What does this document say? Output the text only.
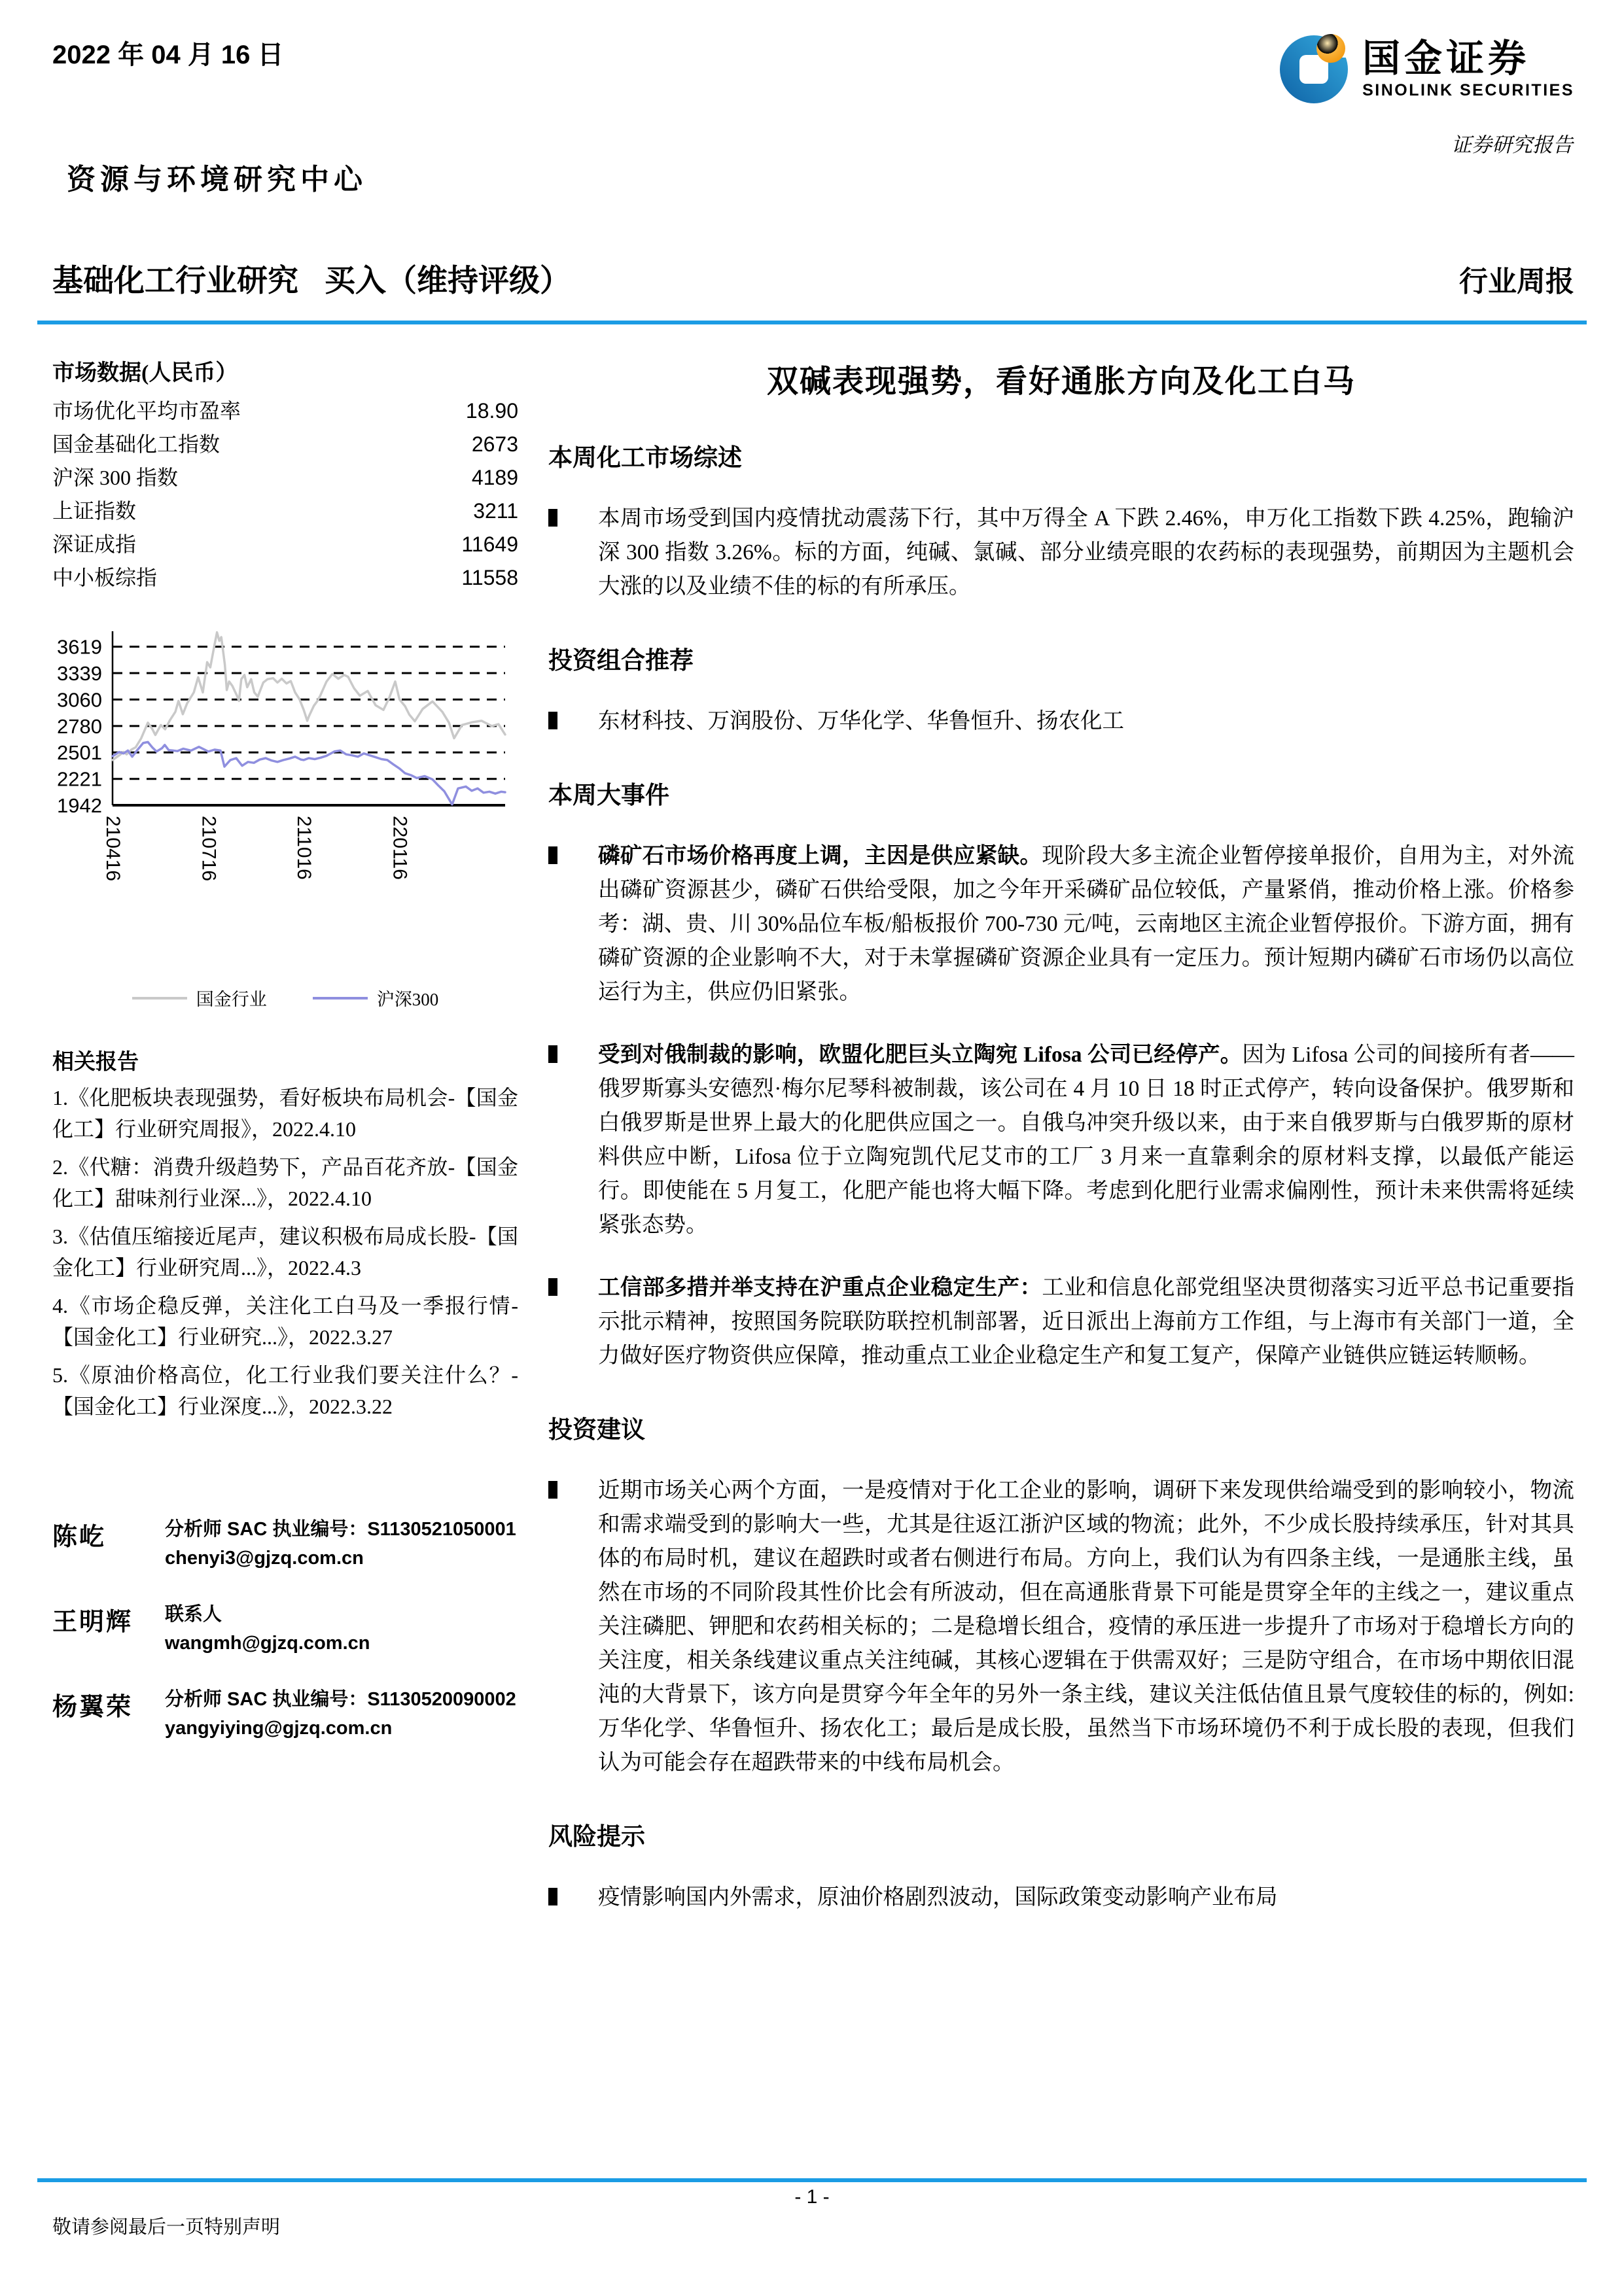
2022 年 04 月 16 日	国金证券
SINOLINK SECURITIES
证券研究报告
资源与环境研究中心
基础化工行业研究 买入（维持评级）	行业周报
市场数据(人民币）
市场优化平均市盈率	18.90
国金基础化工指数	2673
沪深 300 指数	4189
上证指数	3211
深证成指	11649
中小板综指	11558
3619
3339
3060
2780
2501
2221
1942
210416	210716	211016	220116
国金行业	沪深300
相关报告
1.《化肥板块表现强势，看好板块布局机会-【国金化工】行业研究周报》，2022.4.10
2.《代糖：消费升级趋势下，产品百花齐放-【国金化工】甜味剂行业深...》，2022.4.10
3.《估值压缩接近尾声，建议积极布局成长股-【国金化工】行业研究周...》，2022.4.3
4.《市场企稳反弹，关注化工白马及一季报行情-【国金化工】行业研究...》，2022.3.27
5.《原油价格高位，化工行业我们要关注什么？-【国金化工】行业深度...》，2022.3.22
陈屹	分析师 SAC 执业编号：S1130521050001
chenyi3@gjzq.com.cn
王明辉	联系人
wangmh@gjzq.com.cn
杨翼荣	分析师 SAC 执业编号：S1130520090002
yangyiying@gjzq.com.cn
双碱表现强势，看好通胀方向及化工白马
本周化工市场综述

本周市场受到国内疫情扰动震荡下行，其中万得全 A 下跌 2.46%，申万化工指数下跌 4.25%，跑输沪深 300 指数 3.26%。标的方面，纯碱、氯碱、部分业绩亮眼的农药标的表现强势，前期因为主题机会大涨的以及业绩不佳的标的有所承压。

投资组合推荐

东材科技、万润股份、万华化学、华鲁恒升、扬农化工

本周大事件

磷矿石市场价格再度上调，主因是供应紧缺。现阶段大多主流企业暂停接单报价，自用为主，对外流出磷矿资源甚少，磷矿石供给受限，加之今年开采磷矿品位较低，产量紧俏，推动价格上涨。价格参考：湖、贵、川 30%品位车板/船板报价 700-730 元/吨，云南地区主流企业暂停报价。下游方面，拥有磷矿资源的企业影响不大，对于未掌握磷矿资源企业具有一定压力。预计短期内磷矿石市场仍以高位运行为主，供应仍旧紧张。

受到对俄制裁的影响，欧盟化肥巨头立陶宛 Lifosa 公司已经停产。因为 Lifosa 公司的间接所有者——俄罗斯寡头安德烈·梅尔尼琴科被制裁，该公司在 4 月 10 日 18 时正式停产，转向设备保护。俄罗斯和白俄罗斯是世界上最大的化肥供应国之一。自俄乌冲突升级以来，由于来自俄罗斯与白俄罗斯的原材料供应中断，Lifosa 位于立陶宛凯代尼艾市的工厂 3 月来一直靠剩余的原材料支撑，以最低产能运行。即使能在 5 月复工，化肥产能也将大幅下降。考虑到化肥行业需求偏刚性，预计未来供需将延续紧张态势。

工信部多措并举支持在沪重点企业稳定生产：工业和信息化部党组坚决贯彻落实习近平总书记重要指示批示精神，按照国务院联防联控机制部署，近日派出上海前方工作组，与上海市有关部门一道，全力做好医疗物资供应保障，推动重点工业企业稳定生产和复工复产，保障产业链供应链运转顺畅。

投资建议

近期市场关心两个方面，一是疫情对于化工企业的影响，调研下来发现供给端受到的影响较小，物流和需求端受到的影响大一些，尤其是往返江浙沪区域的物流；此外，不少成长股持续承压，针对其具体的布局时机，建议在超跌时或者右侧进行布局。方向上，我们认为有四条主线，一是通胀主线，虽然在市场的不同阶段其性价比会有所波动，但在高通胀背景下可能是贯穿全年的主线之一，建议重点关注磷肥、钾肥和农药相关标的；二是稳增长组合，疫情的承压进一步提升了市场对于稳增长方向的关注度，相关条线建议重点关注纯碱，其核心逻辑在于供需双好；三是防守组合，在市场中期依旧混沌的大背景下，该方向是贯穿今年全年的另外一条主线，建议关注低估值且景气度较佳的标的，例如: 万华化学、华鲁恒升、扬农化工；最后是成长股，虽然当下市场环境仍不利于成长股的表现，但我们认为可能会存在超跌带来的中线布局机会。

风险提示

疫情影响国内外需求，原油价格剧烈波动，国际政策变动影响产业布局

- 1 -
敬请参阅最后一页特别声明
